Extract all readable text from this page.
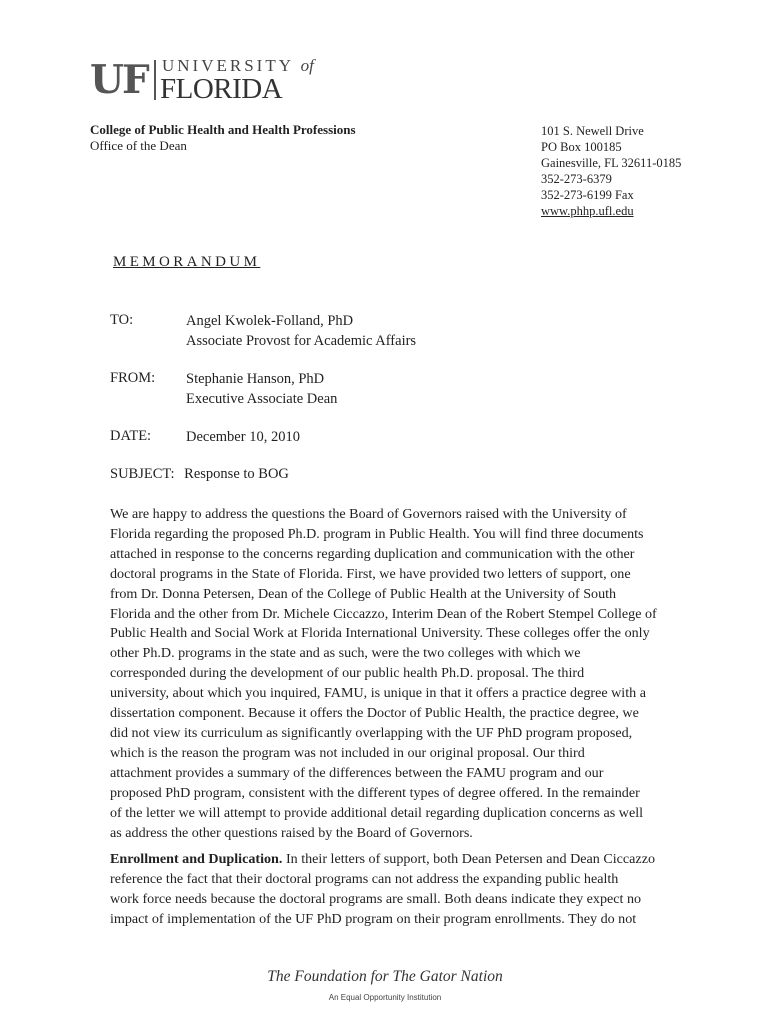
UF UNIVERSITY of
FLORIDA
College of Public Health and Health Professions
Office of the Dean
101 S. Newell Drive
PO Box 100185
Gainesville, FL 32611-0185
352-273-6379
352-273-6199 Fax
www.phhp.ufl.edu
MEMORANDUM
TO:	Angel Kwolek-Folland, PhD
Associate Provost for Academic Affairs
FROM: Stephanie Hanson, PhD
Executive Associate Dean
DATE: December 10, 2010
SUBJECT: Response to BOG
We are happy to address the questions the Board of Governors raised with the University of
Florida regarding the proposed Ph.D. program in Public Health. You will find three documents
attached in response to the concerns regarding duplication and communication with the other
doctoral programs in the State of Florida. First, we have provided two letters of support, one
from Dr. Donna Petersen, Dean of the College of Public Health at the University of South
Florida and the other from Dr. Michele Ciccazzo, Interim Dean of the Robert Stempel College of
Public Health and Social Work at Florida International University. These colleges offer the only
other Ph.D. programs in the state and as such, were the two colleges with which we
corresponded during the development of our public health Ph.D. proposal. The third
university, about which you inquired, FAMU, is unique in that it offers a practice degree with a
dissertation component. Because it offers the Doctor of Public Health, the practice degree, we
did not view its curriculum as significantly overlapping with the UF PhD program proposed,
which is the reason the program was not included in our original proposal. Our third
attachment provides a summary of the differences between the FAMU program and our
proposed PhD program, consistent with the different types of degree offered. In the remainder
of the letter we will attempt to provide additional detail regarding duplication concerns as well
as address the other questions raised by the Board of Governors.
Enrollment and Duplication. In their letters of support, both Dean Petersen and Dean Ciccazzo
reference the fact that their doctoral programs can not address the expanding public health
work force needs because the doctoral programs are small. Both deans indicate they expect no
impact of implementation of the UF PhD program on their program enrollments. They do not
The Foundation for The Gator Nation
An Equal Opportunity Institution
